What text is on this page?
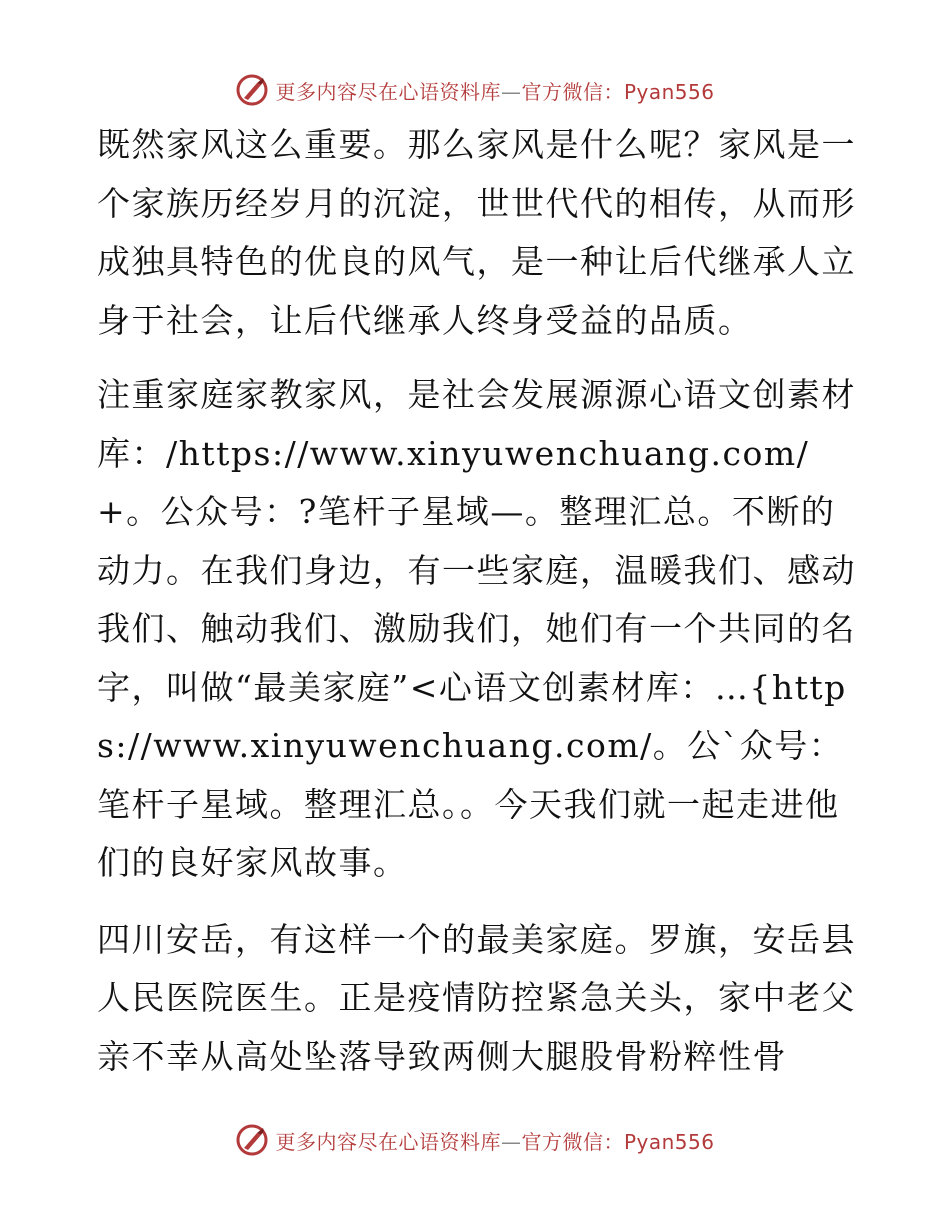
更多内容尽在心语资料库—官方微信：Pyan556

既然家风这么重要。那么家风是什么呢？家风是一个家族历经岁月的沉淀，世世代代的相传，从而形成独具特色的优良的风气，是一种让后代继承人立身于社会，让后代继承人终身受益的品质。

注重家庭家教家风，是社会发展源源心语文创素材库：/https://www.xinyuwenchuang.com/+。公众号：?笔杆子星域—。整理汇总。不断的动力。在我们身边，有一些家庭，温暖我们、感动我们、触动我们、激励我们，她们有一个共同的名字，叫做“最美家庭”<心语文创素材库：…{https://www.xinyuwenchuang.com/。公`众号：笔杆子星域。整理汇总。。今天我们就一起走进他们的良好家风故事。

四川安岳，有这样一个的最美家庭。罗旗，安岳县人民医院医生。正是疫情防控紧急关头，家中老父亲不幸从高处坠落导致两侧大腿股骨粉粹性骨

更多内容尽在心语资料库—官方微信：Pyan556
